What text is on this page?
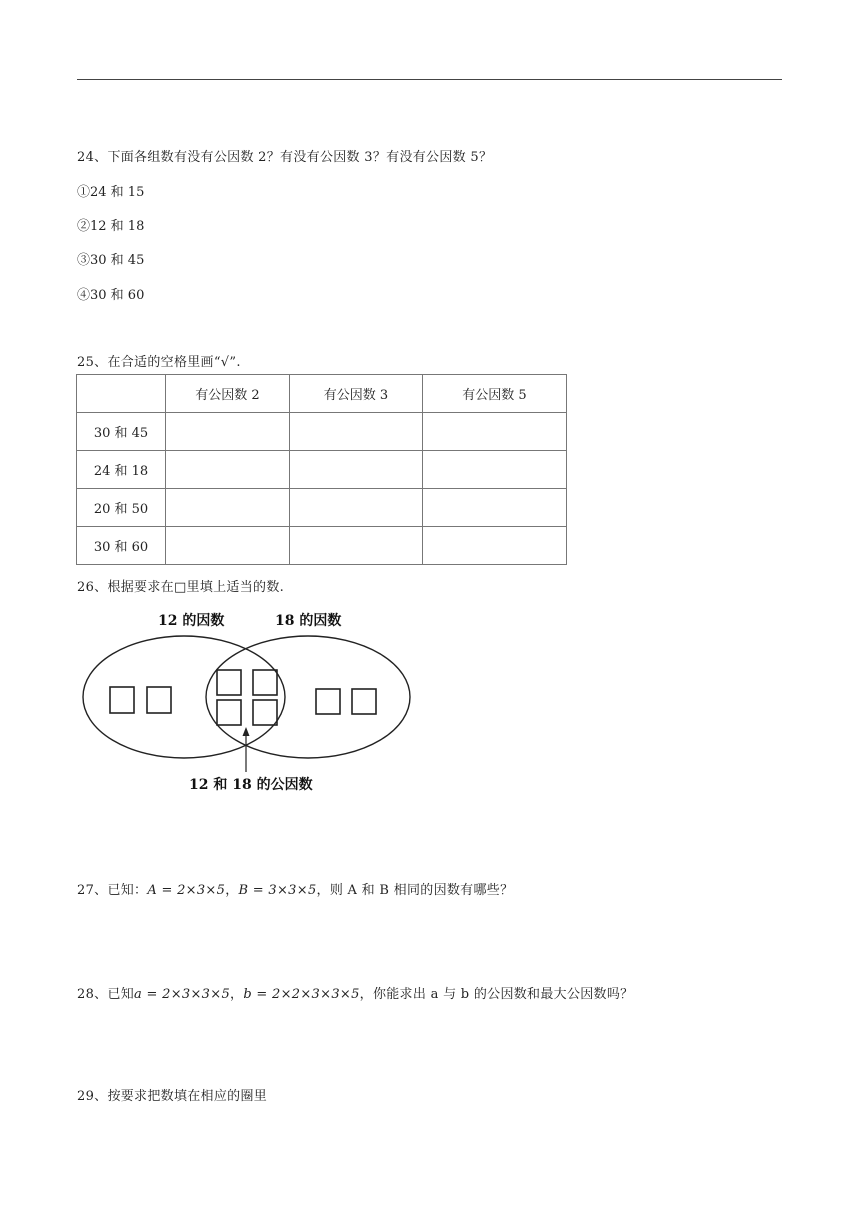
24、下面各组数有没有公因数 2？有没有公因数 3？有没有公因数 5？
①24 和 15
②12 和 18
③30 和 45
④30 和 60
25、在合适的空格里画“√”.
	有公因数 2	有公因数 3	有公因数 5
30 和 45			
24 和 18			
20 和 50			
30 和 60			
26、根据要求在□里填上适当的数.
12 的因数	18 的因数
12 和 18 的公因数
27、已知：A = 2×3×5，B = 3×3×5，则 A 和 B 相同的因数有哪些？
28、已知a = 2×3×3×5，b = 2×2×3×3×5，你能求出 a 与 b 的公因数和最大公因数吗？
29、按要求把数填在相应的圈里
